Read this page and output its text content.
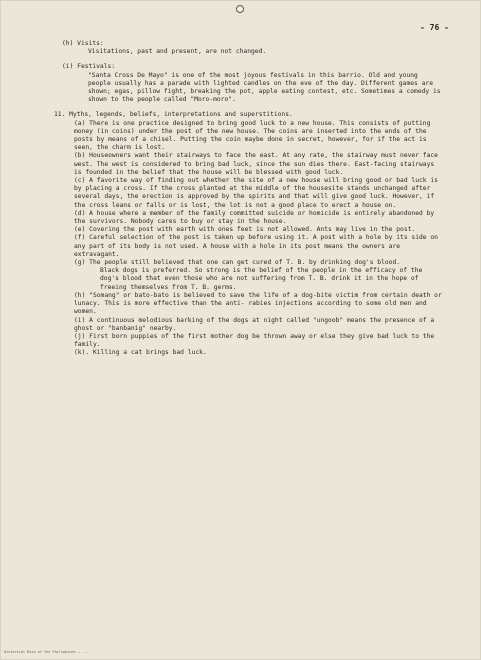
- 76 -

(h) Visits:

Visitations, past and present, are not changed.

(i) Festivals:

"Santa Cross De Mayo" is one of the most joyous festivals in this barrio. Old and young people usually has a parade with lighted candles on the eve of the day. Different games are shown; egas, pillow fight, breaking the pot, apple eating contest, etc. Sometimes a comedy is shown to the people called "Moro-moro".

11. Myths, legends, beliefs, interpretations and superstitions.

(a) There is one practice designed to bring good luck to a new house. This consists of putting money (in coins) under the post of the new house. The coins are inserted into the ends of the posts by means of a chisel. Putting the coin maybe done in secret, however, for if the act is seen, the charm is lost.

(b) Houseowners want their stairways to face the east. At any rate, the stairway must never face west. The west is considered to bring bad luck, since the sun dies there. East-facing stairways is founded in the belief that the house will be blessed with good luck.

(c) A favorite way of finding out whether the site of a new house will bring good or bad luck is by placing a cross. If the cross planted at the middle of the housesite stands unchanged after several days, the erection is approved by the spirits and that will give good luck. However, if the cross leans or falls or is lost, the lot is not a good place to erect a house on.

(d) A house where a member of the family committed suicide or homicide is entirely abandoned by the survivors. Nobody cares to buy or stay in the house.

(e) Covering the post with earth with ones feet is not allowed. Ants may live in the post.

(f) Careful selection of the post is taken up before using it. A post with a hole by its side on any part of its body is not used. A house with a hole in its post means the owners are extravagant.

(g) The people still believed that one can get cured of T. B. by drinking dog's blood.

Black dogs is preferred. So strong is the belief of the people in the efficacy of the dog's blood that even those who are not suffering from T. B. drink it in the hope of freeing themselves from T. B. germs.

(h) "Somang" or bato-bato is believed to save the life of a dog-bite victim from certain death or lunacy. This is more effective than the anti- rabies injections according to some old men and women.

(i) A continuous melodious barking of the dogs at night called "ungoob" means the presence of a ghost or "banbanig" nearby.

(j) First born puppies of the first mother dog be thrown away or else they give bad luck to the family.

(k). Killing a cat brings bad luck.

Historical Data of the Philippines — ...
